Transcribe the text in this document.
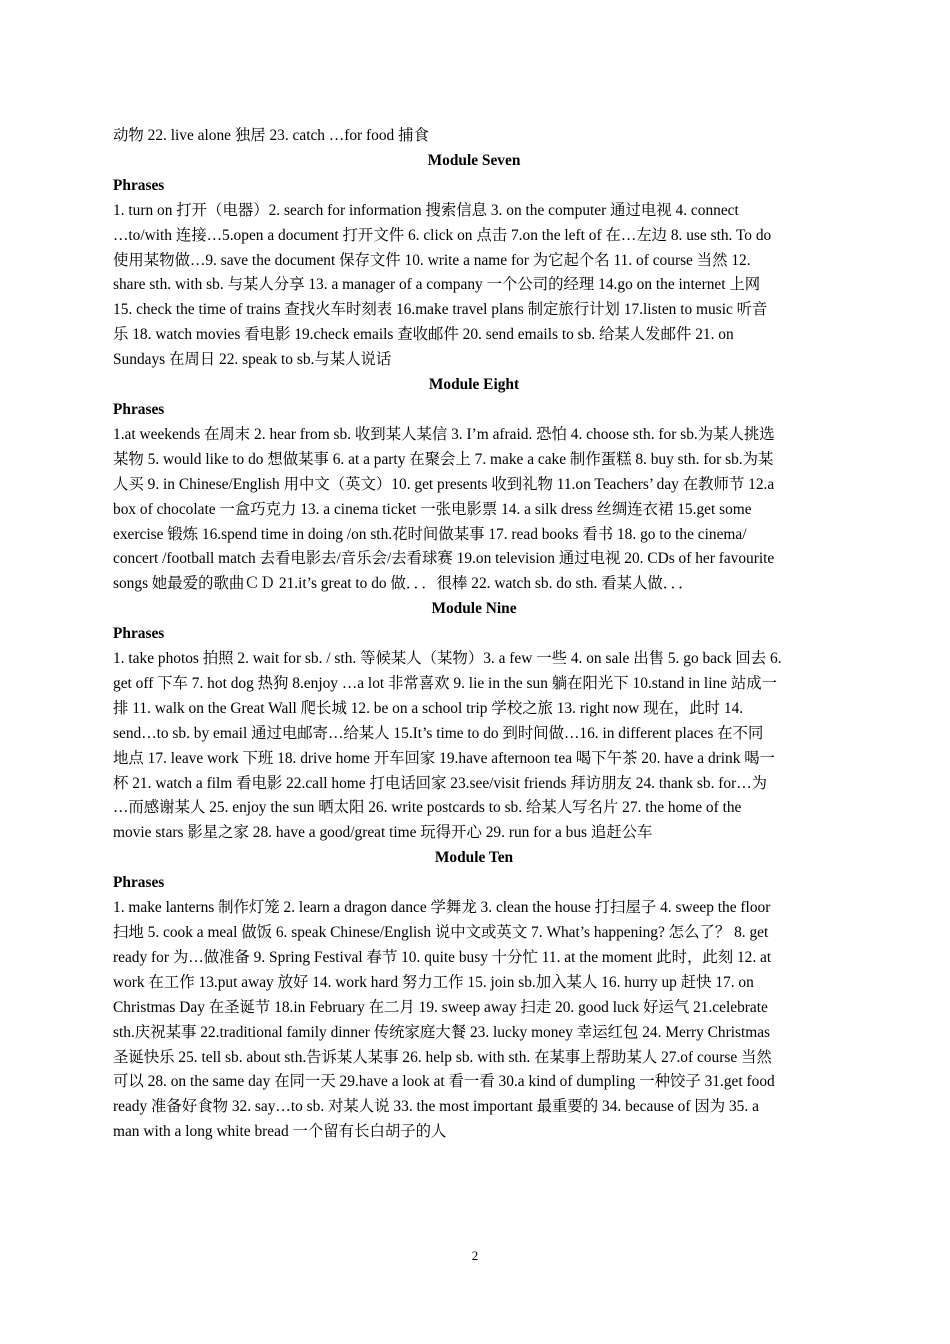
动物 22. live alone 独居 23. catch …for food 捕食
Module Seven
Phrases
1. turn on 打开（电器）2. search for information 搜索信息 3. on the computer 通过电视 4. connect
…to/with 连接…5.open a document 打开文件 6. click on 点击 7.on the left of 在…左边 8. use sth. To do
使用某物做…9. save the document 保存文件 10. write a name for 为它起个名 11. of course 当然 12.
share sth. with sb. 与某人分享 13. a manager of a company 一个公司的经理 14.go on the internet 上网
15. check the time of trains 查找火车时刻表 16.make travel plans 制定旅行计划 17.listen to music 听音
乐 18. watch movies 看电影 19.check emails 查收邮件 20. send emails to sb. 给某人发邮件 21. on
Sundays 在周日 22. speak to sb.与某人说话
Module Eight
Phrases
1.at weekends 在周末 2. hear from sb. 收到某人某信 3. I’m afraid. 恐怕 4. choose sth. for sb.为某人挑选
某物 5. would like to do 想做某事 6. at a party 在聚会上 7. make a cake 制作蛋糕 8. buy sth. for sb.为某
人买 9. in Chinese/English 用中文（英文）10. get presents 收到礼物 11.on Teachers’ day 在教师节 12.a
box of chocolate 一盒巧克力 13. a cinema ticket 一张电影票 14. a silk dress 丝绸连衣裙 15.get some
exercise 锻炼 16.spend time in doing /on sth.花时间做某事 17. read books 看书 18. go to the cinema/
concert /football match 去看电影去/音乐会/去看球赛 19.on television 通过电视 20. CDs of her favourite
songs 她最爱的歌曲ＣＤ 21.it’s great to do 做．．．很棒 22. watch sb. do sth. 看某人做．．．
Module Nine
Phrases
1. take photos 拍照 2. wait for sb. / sth. 等候某人（某物）3. a few 一些 4. on sale 出售 5. go back 回去 6.
get off 下车 7. hot dog 热狗 8.enjoy …a lot 非常喜欢 9. lie in the sun 躺在阳光下 10.stand in line 站成一
排 11. walk on the Great Wall 爬长城 12. be on a school trip 学校之旅 13. right now 现在，此时 14.
send…to sb. by email 通过电邮寄…给某人 15.It’s time to do 到时间做…16. in different places 在不同
地点 17. leave work 下班 18. drive home 开车回家 19.have afternoon tea 喝下午茶 20. have a drink 喝一
杯 21. watch a film 看电影 22.call home 打电话回家 23.see/visit friends 拜访朋友 24. thank sb. for…为
…而感谢某人 25. enjoy the sun 晒太阳 26. write postcards to sb. 给某人写名片 27. the home of the
movie stars 影星之家 28. have a good/great time 玩得开心 29. run for a bus 追赶公车
Module Ten
Phrases
1. make lanterns 制作灯笼 2. learn a dragon dance 学舞龙 3. clean the house 打扫屋子 4. sweep the floor
扫地 5. cook a meal 做饭 6. speak Chinese/English 说中文或英文 7. What’s happening? 怎么了？ 8. get
ready for 为…做准备 9. Spring Festival 春节 10. quite busy 十分忙 11. at the moment 此时，此刻 12. at
work 在工作 13.put away 放好 14. work hard 努力工作 15. join sb.加入某人 16. hurry up 赶快 17. on
Christmas Day 在圣诞节 18.in February 在二月 19. sweep away 扫走 20. good luck 好运气 21.celebrate
sth.庆祝某事 22.traditional family dinner 传统家庭大餐 23. lucky money 幸运红包 24. Merry Christmas
圣诞快乐 25. tell sb. about sth.告诉某人某事 26. help sb. with sth. 在某事上帮助某人 27.of course 当然
可以 28. on the same day 在同一天 29.have a look at 看一看 30.a kind of dumpling 一种饺子 31.get food
ready 准备好食物 32. say…to sb. 对某人说 33. the most important 最重要的 34. because of 因为 35. a
man with a long white bread 一个留有长白胡子的人
2
